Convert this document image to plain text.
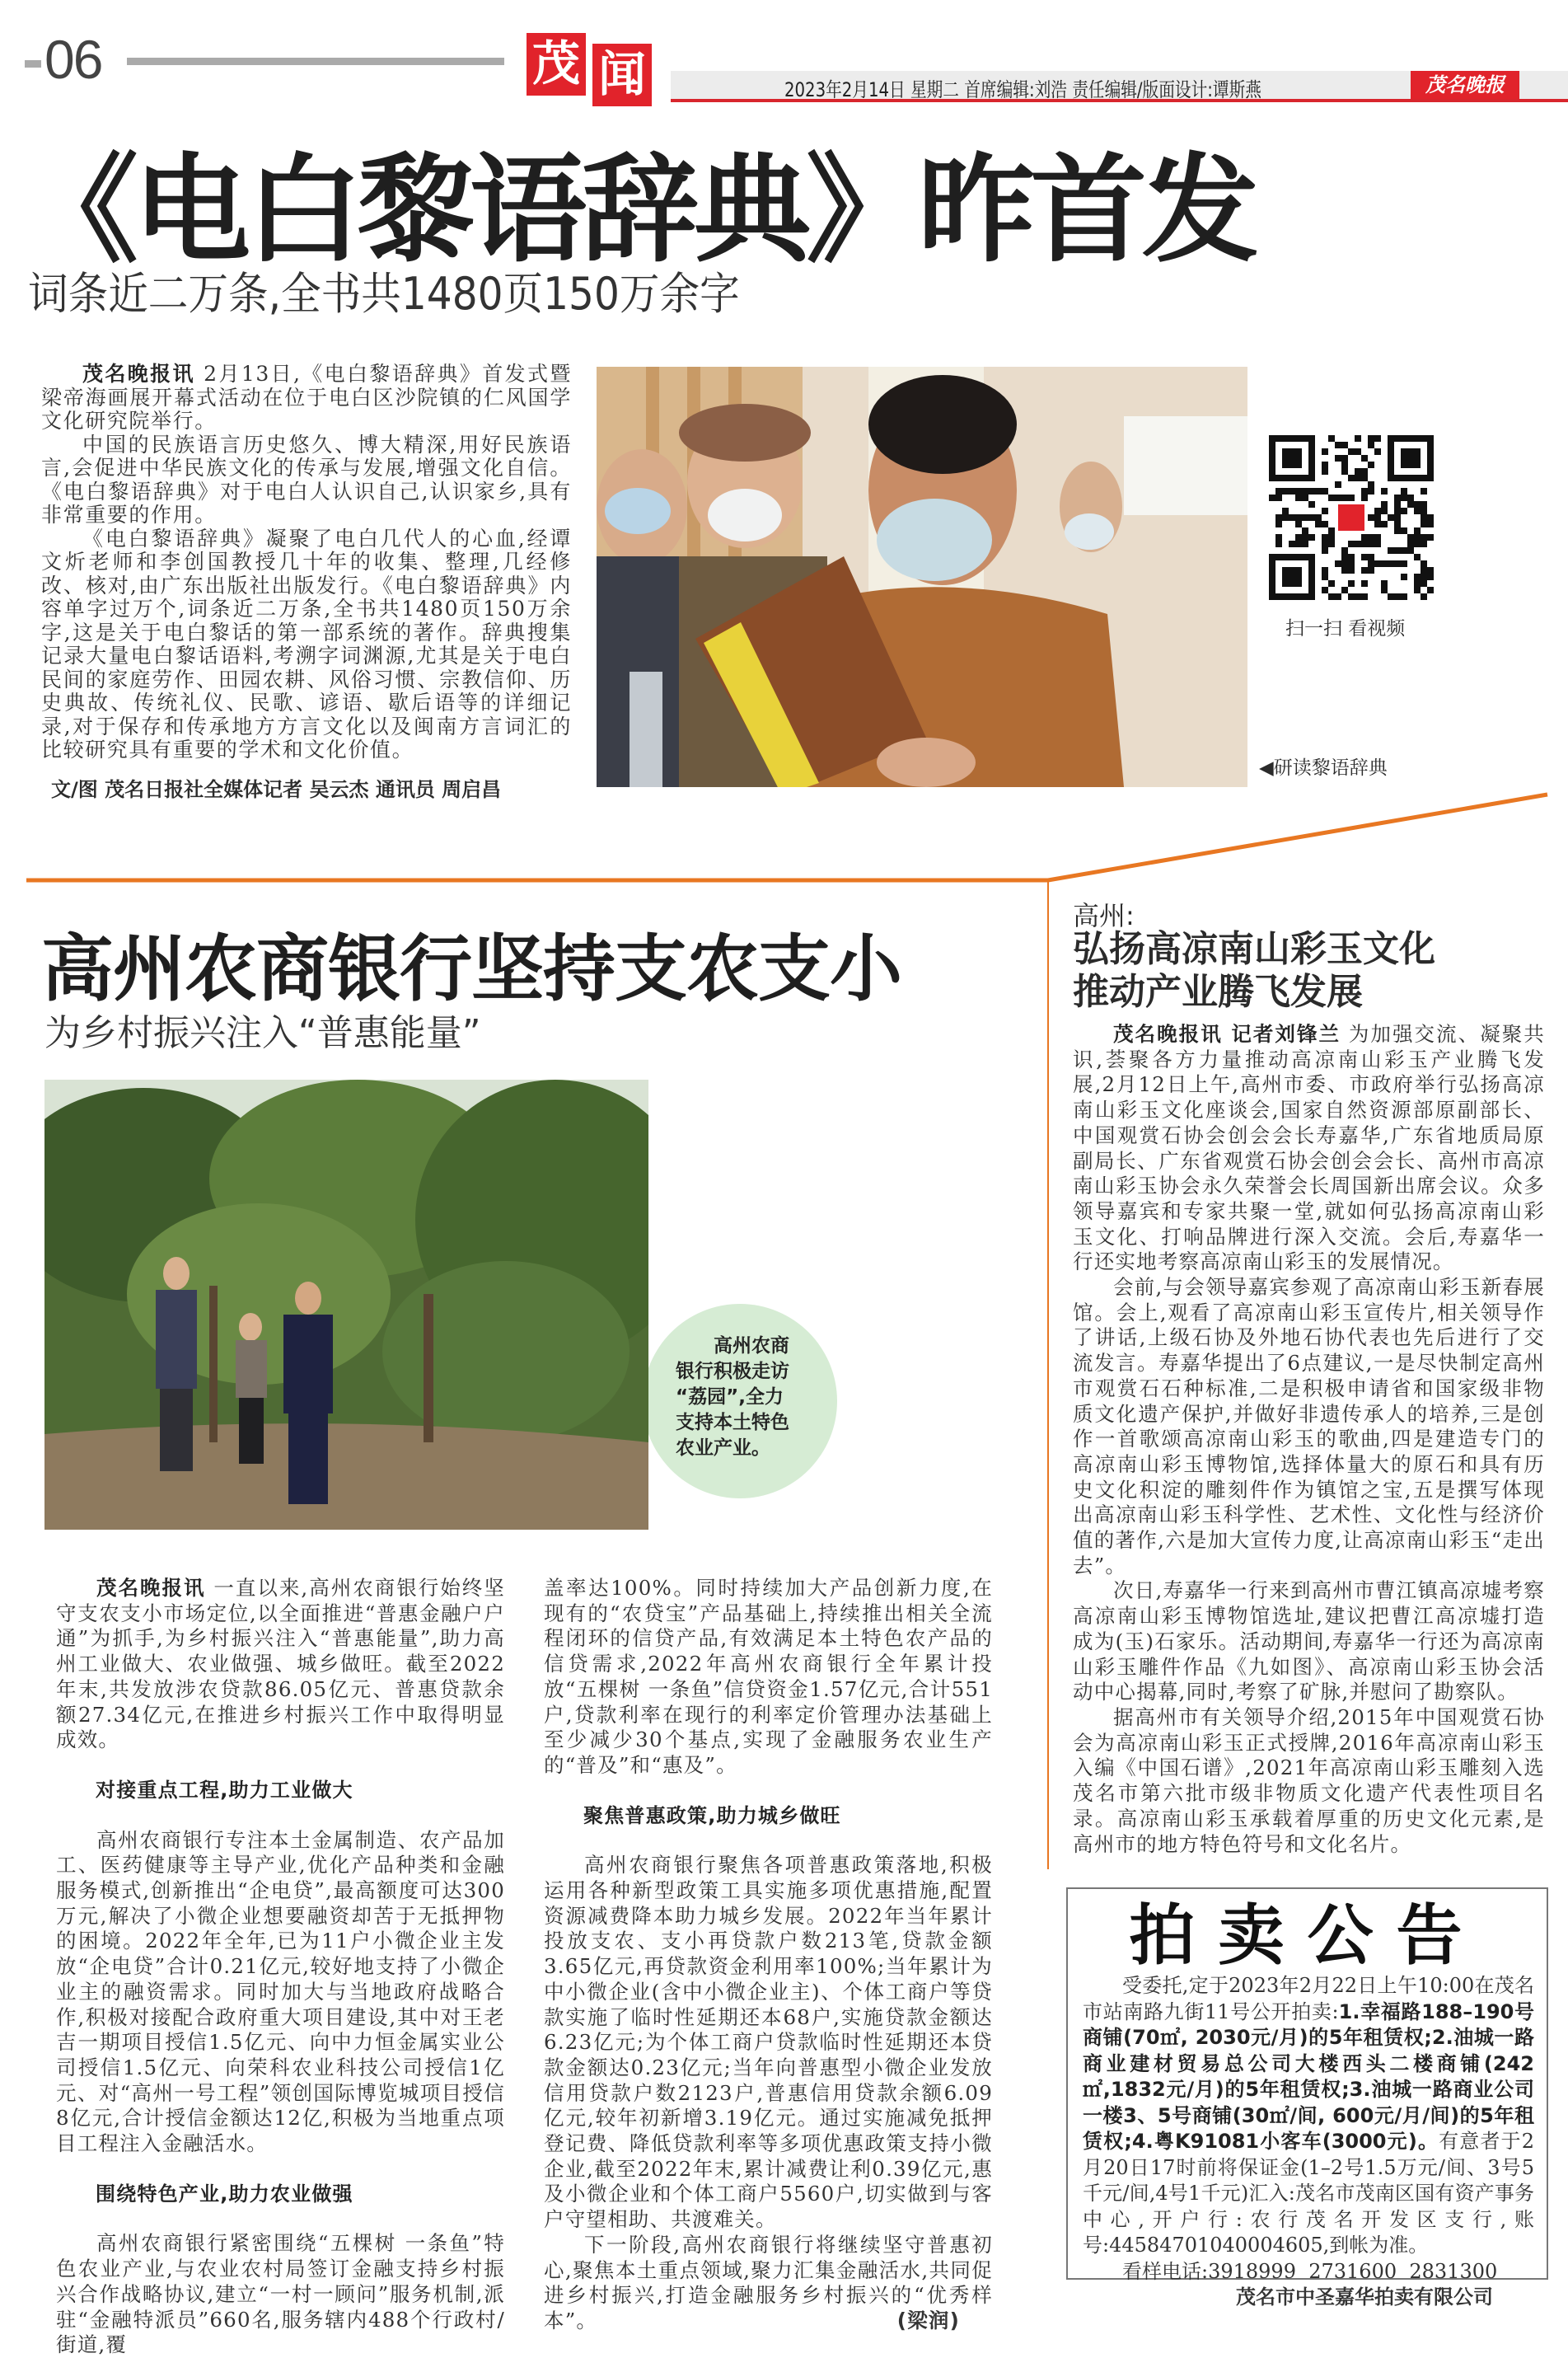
06	茂 闻	2023年2月14日 星期二 首席编辑:刘浩 责任编辑/版面设计:谭斯燕	茂名晚报
《电白黎语辞典》昨首发
词条近二万条,全书共1480页150万余字

茂名晚报讯 2月13日,《电白黎语辞典》首发式暨梁帝海画展开幕式活动在位于电白区沙院镇的仁风国学文化研究院举行。

中国的民族语言历史悠久、博大精深,用好民族语言,会促进中华民族文化的传承与发展,增强文化自信。《电白黎语辞典》对于电白人认识自己,认识家乡,具有非常重要的作用。

《电白黎语辞典》凝聚了电白几代人的心血,经谭文炘老师和李创国教授几十年的收集、整理,几经修改、核对,由广东出版社出版发行。《电白黎语辞典》内容单字过万个,词条近二万条,全书共1480页150万余字,这是关于电白黎话的第一部系统的著作。辞典搜集记录大量电白黎话语料,考溯字词渊源,尤其是关于电白民间的家庭劳作、田园农耕、风俗习惯、宗教信仰、历史典故、传统礼仪、民歌、谚语、歇后语等的详细记录,对于保存和传承地方方言文化以及闽南方言词汇的比较研究具有重要的学术和文化价值。

文/图 茂名日报社全媒体记者 吴云杰 通讯员 周启昌
扫一扫 看视频
◀研读黎语辞典
高州农商银行坚持支农支小
为乡村振兴注入“普惠能量”
高州农商
银行积极走访
“荔园”,全力
支持本土特色
农业产业。

茂名晚报讯 一直以来,高州农商银行始终坚守支农支小市场定位,以全面推进“普惠金融户户通”为抓手,为乡村振兴注入“普惠能量”,助力高州工业做大、农业做强、城乡做旺。截至2022年末,共发放涉农贷款86.05亿元、普惠贷款余额27.34亿元,在推进乡村振兴工作中取得明显成效。

对接重点工程,助力工业做大

高州农商银行专注本土金属制造、农产品加工、医药健康等主导产业,优化产品种类和金融服务模式,创新推出“企电贷”,最高额度可达300万元,解决了小微企业想要融资却苦于无抵押物的困境。2022年全年,已为11户小微企业主发放“企电贷”合计0.21亿元,较好地支持了小微企业主的融资需求。同时加大与当地政府战略合作,积极对接配合政府重大项目建设,其中对王老吉一期项目授信1.5亿元、向中力恒金属实业公司授信1.5亿元、向荣科农业科技公司授信1亿元、对“高州一号工程”领创国际博览城项目授信8亿元,合计授信金额达12亿,积极为当地重点项目工程注入金融活水。

围绕特色产业,助力农业做强

高州农商银行紧密围绕“五棵树 一条鱼”特色农业产业,与农业农村局签订金融支持乡村振兴合作战略协议,建立“一村一顾问”服务机制,派驻“金融特派员”660名,服务辖内488个行政村/街道,覆

盖率达100%。同时持续加大产品创新力度,在现有的“农贷宝”产品基础上,持续推出相关全流程闭环的信贷产品,有效满足本土特色农产品的信贷需求,2022年高州农商银行全年累计投放“五棵树 一条鱼”信贷资金1.57亿元,合计551户,贷款利率在现行的利率定价管理办法基础上至少减少30个基点,实现了金融服务农业生产的“普及”和“惠及”。

聚焦普惠政策,助力城乡做旺

高州农商银行聚焦各项普惠政策落地,积极运用各种新型政策工具实施多项优惠措施,配置资源减费降本助力城乡发展。2022年当年累计投放支农、支小再贷款户数213笔,贷款金额3.65亿元,再贷款资金利用率100%;当年累计为中小微企业(含中小微企业主)、个体工商户等贷款实施了临时性延期还本68户,实施贷款金额达6.23亿元;为个体工商户贷款临时性延期还本贷款金额达0.23亿元;当年向普惠型小微企业发放信用贷款户数2123户,普惠信用贷款余额6.09亿元,较年初新增3.19亿元。通过实施减免抵押登记费、降低贷款利率等多项优惠政策支持小微企业,截至2022年末,累计减费让利0.39亿元,惠及小微企业和个体工商户5560户,切实做到与客户守望相助、共渡难关。

下一阶段,高州农商银行将继续坚守普惠初心,聚焦本土重点领域,聚力汇集金融活水,共同促进乡村振兴,打造金融服务乡村振兴的“优秀样本”。	(梁润)
高州:
弘扬高凉南山彩玉文化
推动产业腾飞发展

茂名晚报讯 记者刘锋兰 为加强交流、凝聚共识,荟聚各方力量推动高凉南山彩玉产业腾飞发展,2月12日上午,高州市委、市政府举行弘扬高凉南山彩玉文化座谈会,国家自然资源部原副部长、中国观赏石协会创会会长寿嘉华,广东省地质局原副局长、广东省观赏石协会创会会长、高州市高凉南山彩玉协会永久荣誉会长周国新出席会议。众多领导嘉宾和专家共聚一堂,就如何弘扬高凉南山彩玉文化、打响品牌进行深入交流。会后,寿嘉华一行还实地考察高凉南山彩玉的发展情况。

会前,与会领导嘉宾参观了高凉南山彩玉新春展馆。会上,观看了高凉南山彩玉宣传片,相关领导作了讲话,上级石协及外地石协代表也先后进行了交流发言。寿嘉华提出了6点建议,一是尽快制定高州市观赏石石种标准,二是积极申请省和国家级非物质文化遗产保护,并做好非遗传承人的培养,三是创作一首歌颂高凉南山彩玉的歌曲,四是建造专门的高凉南山彩玉博物馆,选择体量大的原石和具有历史文化积淀的雕刻件作为镇馆之宝,五是撰写体现出高凉南山彩玉科学性、艺术性、文化性与经济价值的著作,六是加大宣传力度,让高凉南山彩玉“走出去”。

次日,寿嘉华一行来到高州市曹江镇高凉墟考察高凉南山彩玉博物馆选址,建议把曹江高凉墟打造成为(玉)石家乐。活动期间,寿嘉华一行还为高凉南山彩玉雕件作品《九如图》、高凉南山彩玉协会活动中心揭幕,同时,考察了矿脉,并慰问了勘察队。

据高州市有关领导介绍,2015年中国观赏石协会为高凉南山彩玉正式授牌,2016年高凉南山彩玉入编《中国石谱》,2021年高凉南山彩玉雕刻入选茂名市第六批市级非物质文化遗产代表性项目名录。高凉南山彩玉承载着厚重的历史文化元素,是高州市的地方特色符号和文化名片。

拍卖公告

受委托,定于2023年2月22日上午10:00在茂名市站南路九街11号公开拍卖:1.幸福路188–190号商铺(70㎡, 2030元/月)的5年租赁权;2.油城一路商业建材贸易总公司大楼西头二楼商铺(242㎡,1832元/月)的5年租赁权;3.油城一路商业公司一楼3、5号商铺(30㎡/间, 600元/月/间)的5年租赁权;4.粤K91081小客车(3000元)。有意者于2月20日17时前将保证金(1–2号1.5万元/间、3号5千元/间,4号1千元)汇入:茂名市茂南区国有资产事务中心,开户行:农行茂名开发区支行,账号:44584701040004605,到帐为准。

看样电话:3918999  2731600  2831300
茂名市中圣嘉华拍卖有限公司
